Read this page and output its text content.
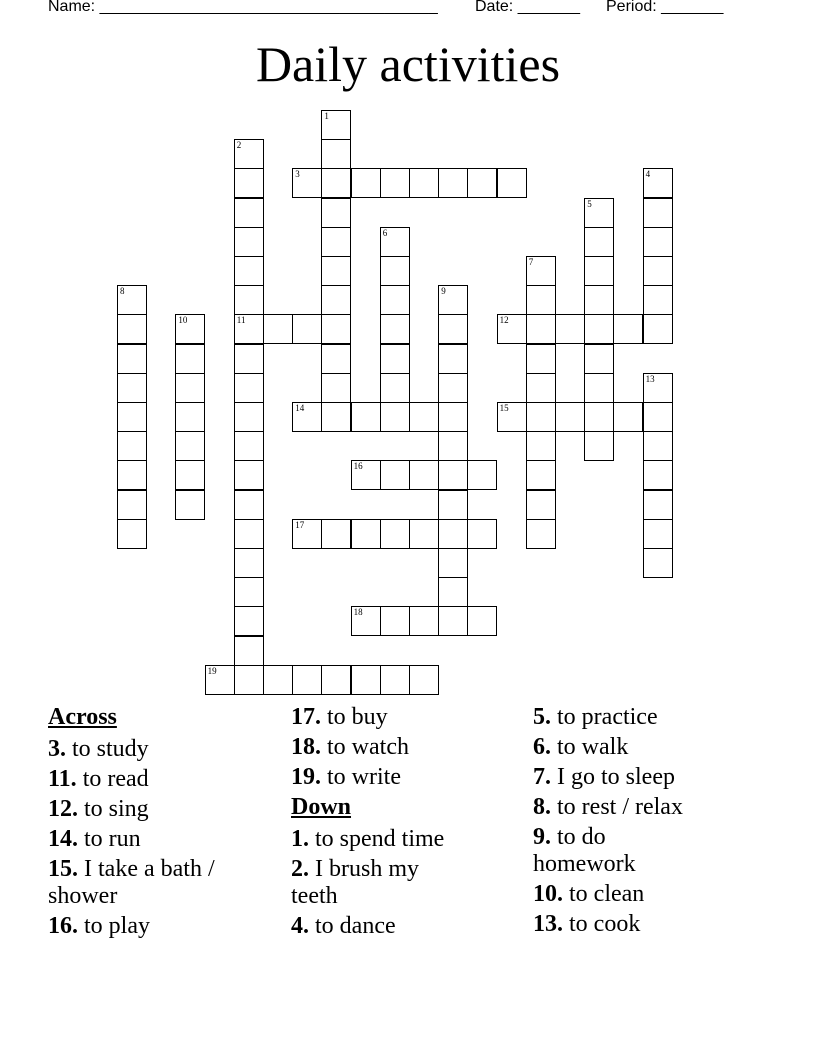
Name: ______________________________________ Date: _______ Period: _______
Daily activities
1
2
11
3	4
5
6
7
8	9
10	12
13
14	15
16
17
18
19
Across
3. to study
11. to read
12. to sing
14. to run
15. I take a bath / shower
16. to play
17. to buy
18. to watch
19. to write
Down
1. to spend time
2. I brush my teeth
4. to dance
5. to practice
6. to walk
7. I go to sleep
8. to rest / relax
9. to do homework
10. to clean
13. to cook
